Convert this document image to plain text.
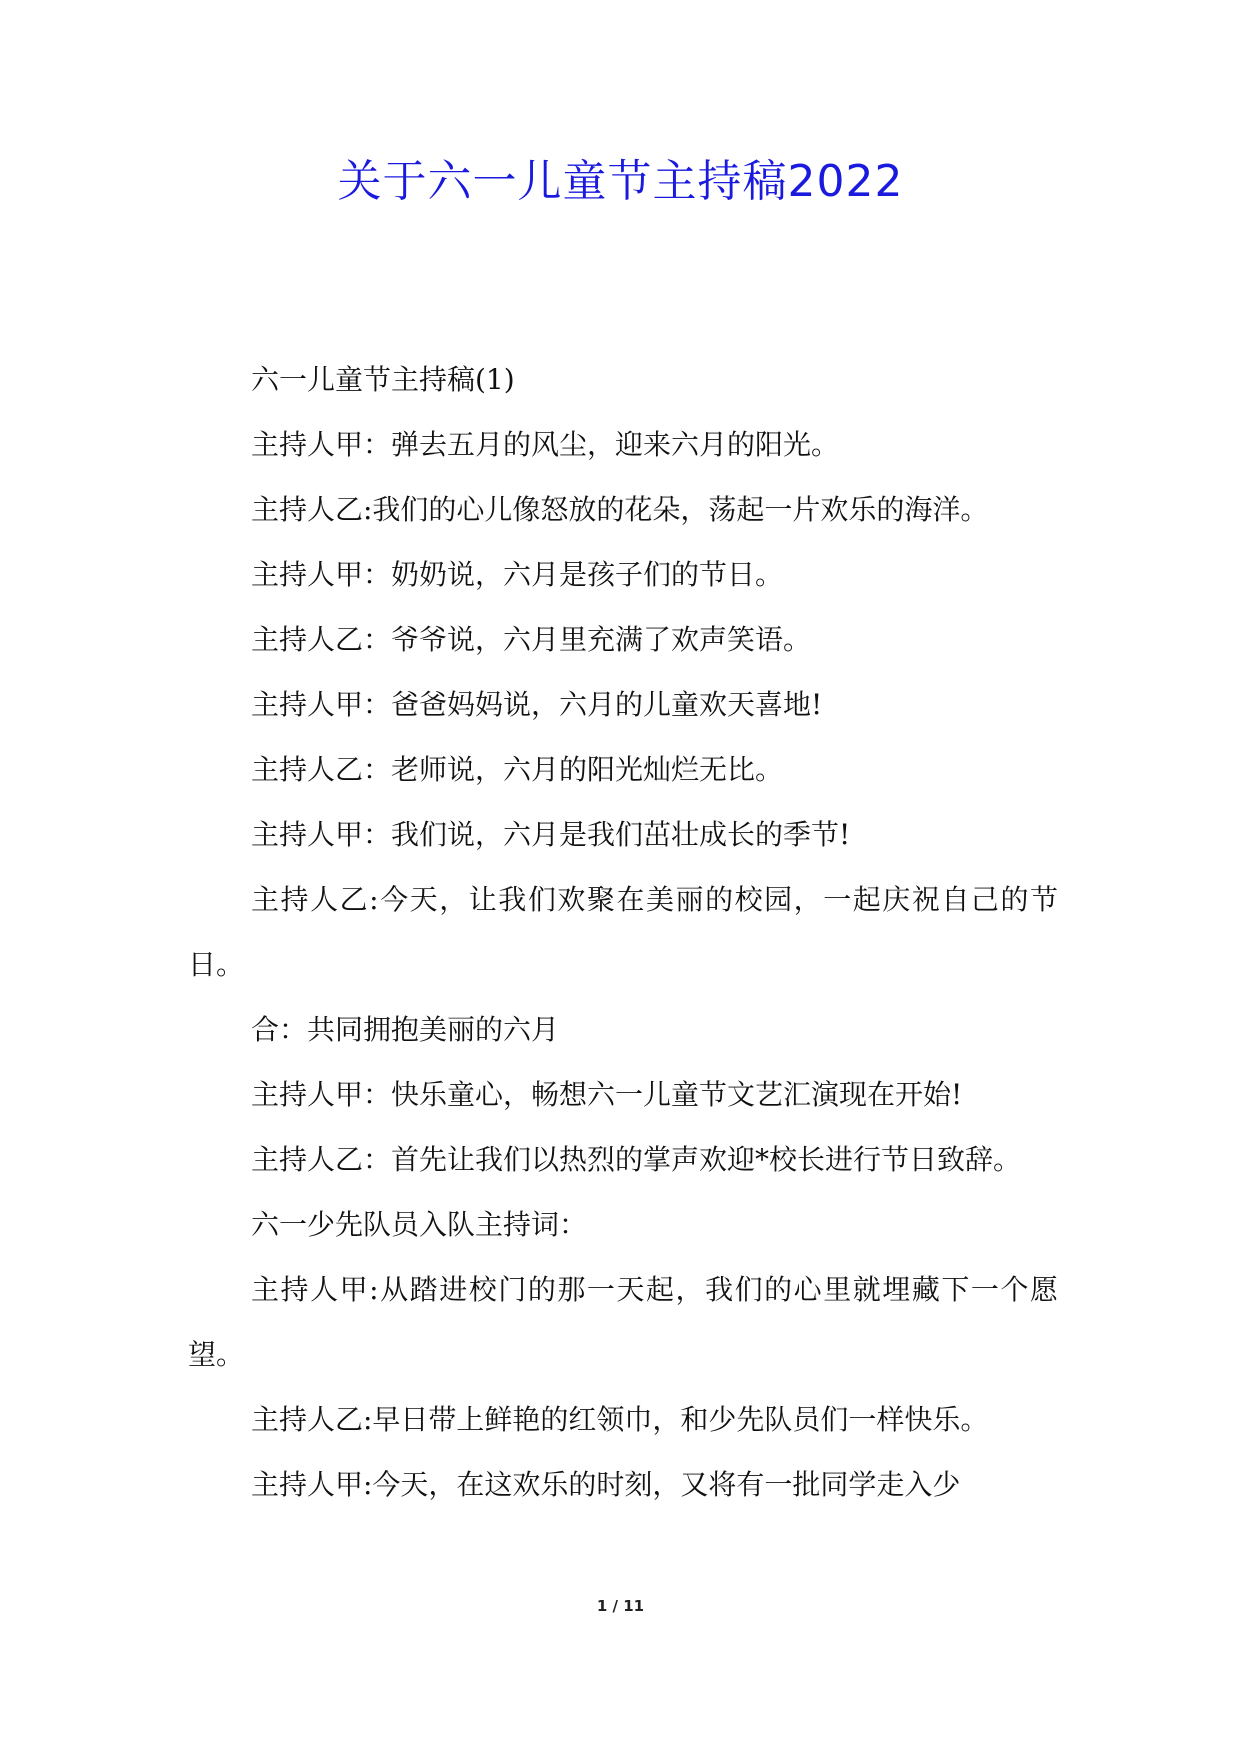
关于六一儿童节主持稿2022

六一儿童节主持稿(1)

主持人甲：弹去五月的风尘，迎来六月的阳光。

主持人乙:我们的心儿像怒放的花朵，荡起一片欢乐的海洋。

主持人甲：奶奶说，六月是孩子们的节日。

主持人乙：爷爷说，六月里充满了欢声笑语。

主持人甲：爸爸妈妈说，六月的儿童欢天喜地!

主持人乙：老师说，六月的阳光灿烂无比。

主持人甲：我们说，六月是我们茁壮成长的季节!

主持人乙:今天，让我们欢聚在美丽的校园，一起庆祝自己的节日。

合：共同拥抱美丽的六月

主持人甲：快乐童心，畅想六一儿童节文艺汇演现在开始!

主持人乙：首先让我们以热烈的掌声欢迎*校长进行节日致辞。

六一少先队员入队主持词：

主持人甲:从踏进校门的那一天起，我们的心里就埋藏下一个愿望。

主持人乙:早日带上鲜艳的红领巾，和少先队员们一样快乐。

主持人甲:今天，在这欢乐的时刻，又将有一批同学走入少

1 / 11
